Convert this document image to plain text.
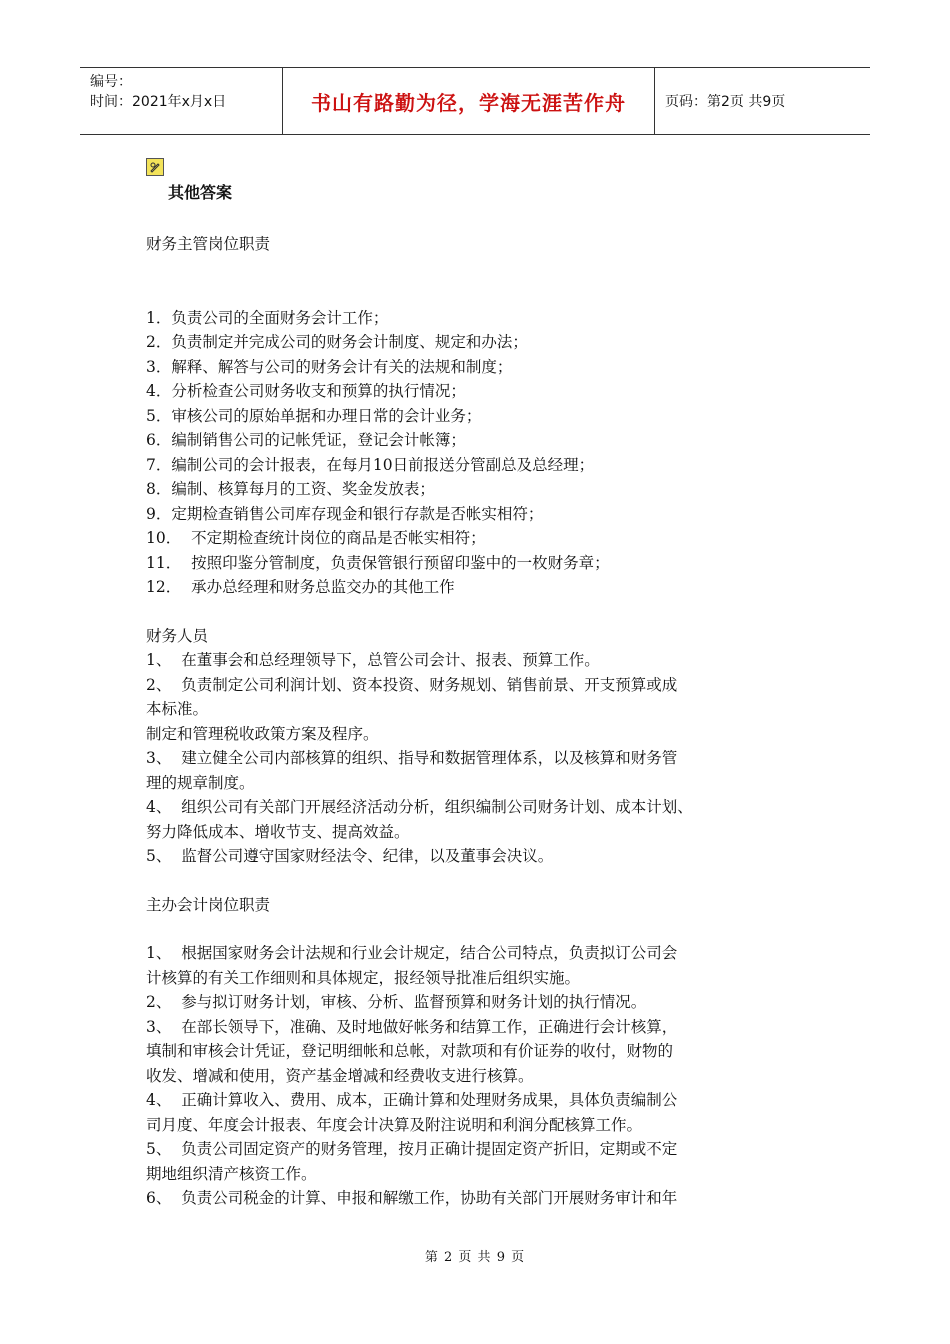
编号：
时间：2021年x月x日	书山有路勤为径，学海无涯苦作舟	页码：第2页 共9页
其他答案

财务主管岗位职责

1．负责公司的全面财务会计工作；

2．负责制定并完成公司的财务会计制度、规定和办法；

3．解释、解答与公司的财务会计有关的法规和制度；

4．分析检查公司财务收支和预算的执行情况；

5．审核公司的原始单据和办理日常的会计业务；

6．编制销售公司的记帐凭证，登记会计帐簿；

7．编制公司的会计报表，在每月10日前报送分管副总及总经理；

8．编制、核算每月的工资、奖金发放表；

9．定期检查销售公司库存现金和银行存款是否帐实相符；

10．  不定期检查统计岗位的商品是否帐实相符；

11．  按照印鉴分管制度，负责保管银行预留印鉴中的一枚财务章；

12．  承办总经理和财务总监交办的其他工作

财务人员

1、  在董事会和总经理领导下，总管公司会计、报表、预算工作。

2、  负责制定公司利润计划、资本投资、财务规划、销售前景、开支预算或成

本标准。

制定和管理税收政策方案及程序。

3、  建立健全公司内部核算的组织、指导和数据管理体系，以及核算和财务管

理的规章制度。

4、  组织公司有关部门开展经济活动分析，组织编制公司财务计划、成本计划、

努力降低成本、增收节支、提高效益。

5、  监督公司遵守国家财经法令、纪律，以及董事会决议。

主办会计岗位职责

1、  根据国家财务会计法规和行业会计规定，结合公司特点，负责拟订公司会

计核算的有关工作细则和具体规定，报经领导批准后组织实施。

2、  参与拟订财务计划，审核、分析、监督预算和财务计划的执行情况。

3、  在部长领导下，准确、及时地做好帐务和结算工作，正确进行会计核算，

填制和审核会计凭证，登记明细帐和总帐，对款项和有价证券的收付，财物的

收发、增减和使用，资产基金增减和经费收支进行核算。

4、  正确计算收入、费用、成本，正确计算和处理财务成果，具体负责编制公

司月度、年度会计报表、年度会计决算及附注说明和利润分配核算工作。

5、  负责公司固定资产的财务管理，按月正确计提固定资产折旧，定期或不定

期地组织清产核资工作。

6、  负责公司税金的计算、申报和解缴工作，协助有关部门开展财务审计和年

第 2 页 共 9 页
